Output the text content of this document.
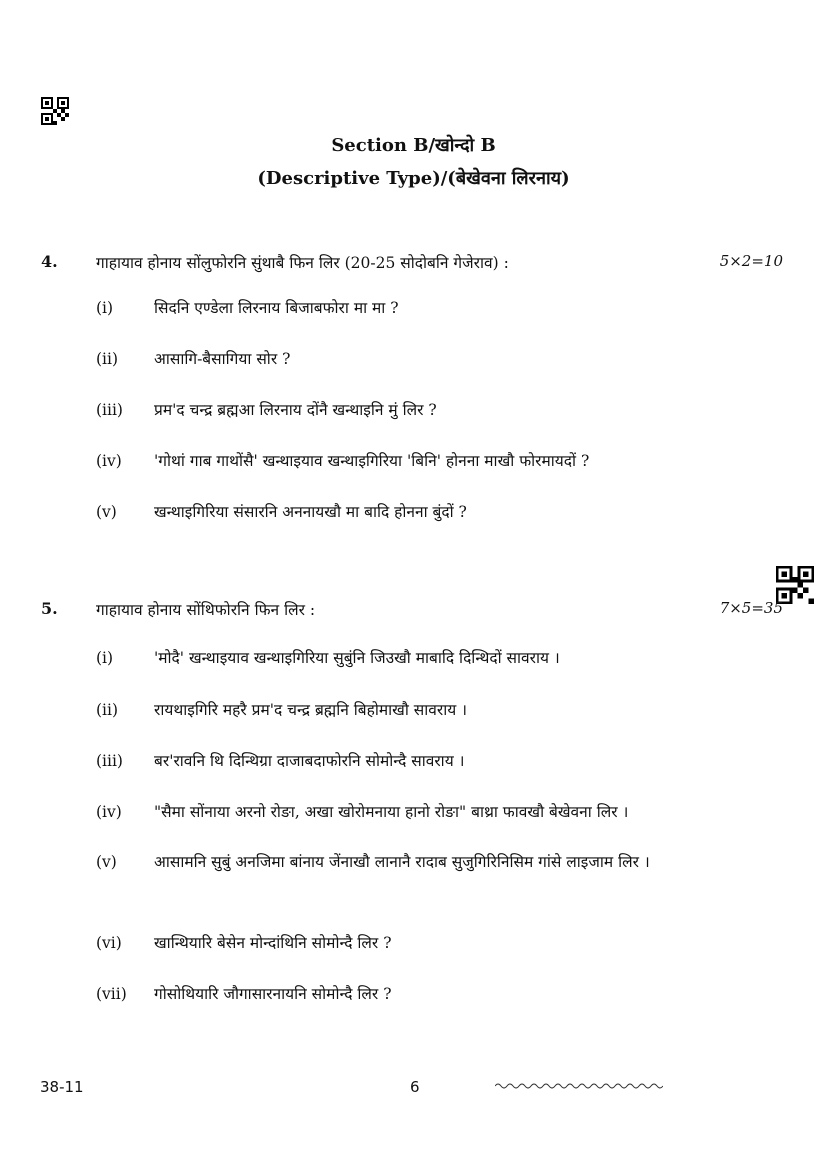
Section B/खोन्दो B
(Descriptive Type)/(बेखेवना लिरनाय)
4. गाहायाव होनाय सोंलुफोरनि सुंथाबै फिन लिर (20-25 सोदोबनि गेजेराव) :	5×2=10
(i)	सिदनि एण्डेला लिरनाय बिजाबफोरा मा मा ?
(ii) आसागि-बैसागिया सोर ?
(iii) प्रम'द चन्द्र ब्रह्मआ लिरनाय दोंनै खन्थाइनि मुं लिर ?
(iv) 'गोथां गाब गाथोंसै' खन्थाइयाव खन्थाइगिरिया 'बिनि' होनना माखौ फोरमायदों ?
(v) खन्थाइगिरिया संसारनि अननायखौ मा बादि होनना बुंदों ?
5. गाहायाव होनाय सोंथिफोरनि फिन लिर :	7×5=35
(i)	'मोदै' खन्थाइयाव खन्थाइगिरिया सुबुंनि जिउखौ माबादि दिन्थिदों सावराय ।
(ii) रायथाइगिरि महरै प्रम'द चन्द्र ब्रह्मनि बिहोमाखौ सावराय ।
(iii) बर'रावनि थि दिन्थिग्रा दाजाबदाफोरनि सोमोन्दै सावराय ।
(iv) "सैमा सोंनाया अरनो रोङा, अखा खोरोमनाया हानो रोङा" बाथ्रा फावखौ बेखेवना लिर ।
(v) आसामनि सुबुं अनजिमा बांनाय जेंनाखौ लानानै रादाब सुजुगिरिनिसिम गांसे लाइजाम लिर ।
(vi) खान्थियारि बेसेन मोन्दांथिनि सोमोन्दै लिर ?
(vii) गोसोथियारि जौगासारनायनि सोमोन्दै लिर ?
38-11	6
